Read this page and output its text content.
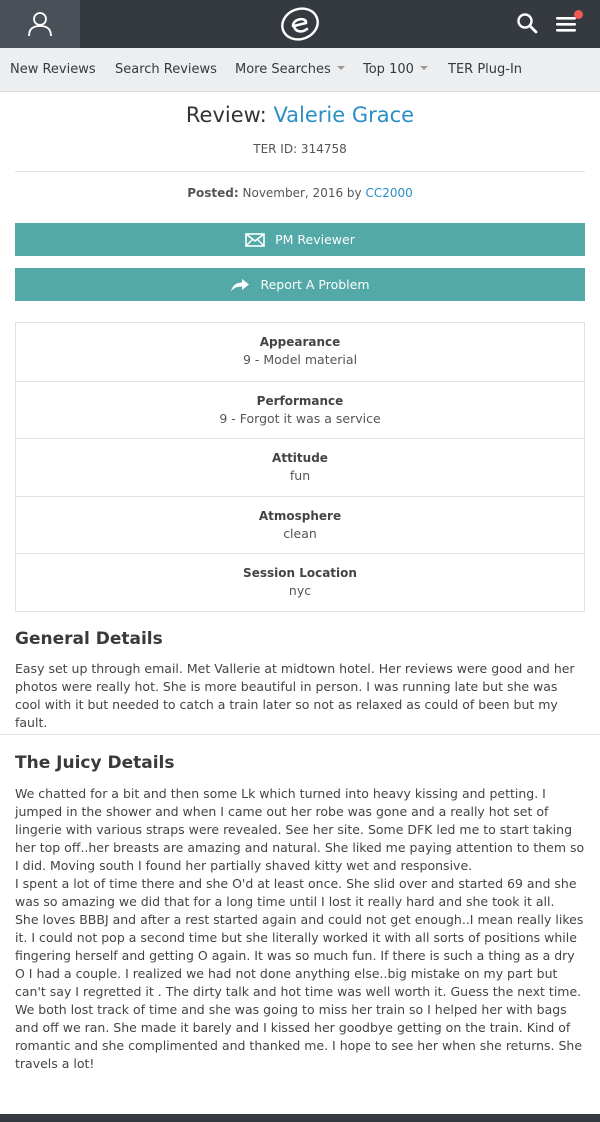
New Reviews Search Reviews More Searches	Top 100	TER Plug-In
Review: Valerie Grace
TER ID: 314758
Posted: November, 2016 by CC2000
PM Reviewer
Report A Problem
Appearance
9 - Model material
Performance
9 - Forgot it was a service
Attitude
fun
Atmosphere
clean
Session Location
nyc
General Details
Easy set up through email. Met Vallerie at midtown hotel. Her reviews were good and her photos were really hot. She is more beautiful in person. I was running late but she was cool with it but needed to catch a train later so not as relaxed as could of been but my fault.
The Juicy Details

We chatted for a bit and then some Lk which turned into heavy kissing and petting. I jumped in the shower and when I came out her robe was gone and a really hot set of lingerie with various straps were revealed. See her site. Some DFK led me to start taking her top off..her breasts are amazing and natural. She liked me paying attention to them so I did. Moving south I found her partially shaved kitty wet and responsive.

I spent a lot of time there and she O'd at least once. She slid over and started 69 and she was so amazing we did that for a long time until I lost it really hard and she took it all.

She loves BBBJ and after a rest started again and could not get enough..I mean really likes it. I could not pop a second time but she literally worked it with all sorts of positions while fingering herself and getting O again. It was so much fun. If there is such a thing as a dry O I had a couple. I realized we had not done anything else..big mistake on my part but can't say I regretted it . The dirty talk and hot time was well worth it. Guess the next time. We both lost track of time and she was going to miss her train so I helped her with bags and off we ran. She made it barely and I kissed her goodbye getting on the train. Kind of romantic and she complimented and thanked me. I hope to see her when she returns. She travels a lot!
